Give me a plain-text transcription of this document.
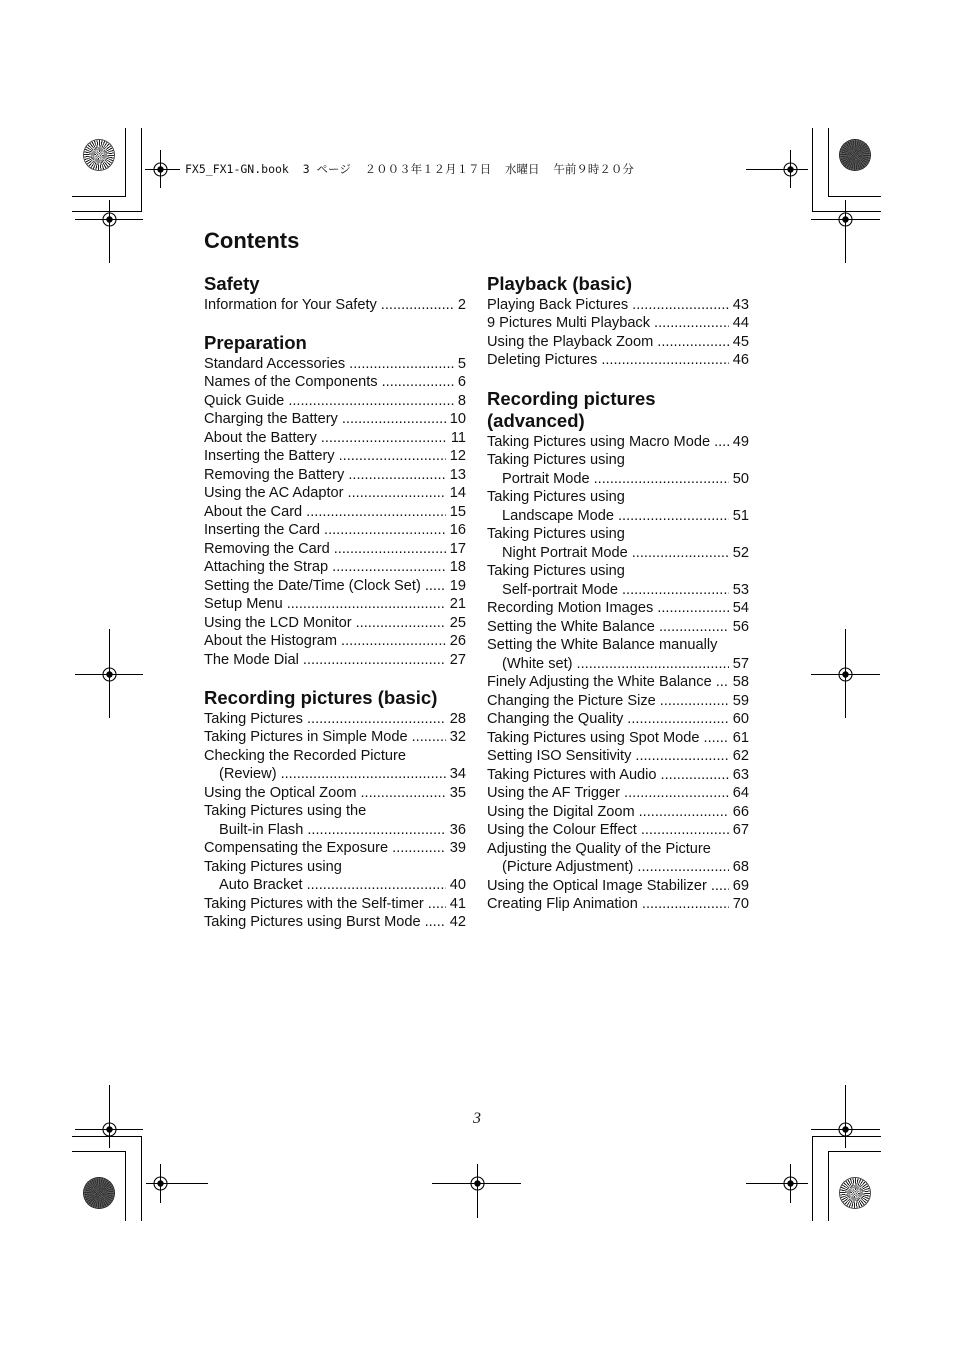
FX5_FX1-GN.book  3 ページ  ２００３年１２月１７日  水曜日  午前９時２０分
Contents
Safety
Information for Your Safety .....	2
Preparation
Standard Accessories .....	5
Names of the Components .....	6
Quick Guide .....	8
Charging the Battery .....	10
About the Battery .....	11
Inserting the Battery .....	12
Removing the Battery .....	13
Using the AC Adaptor .....	14
About the Card .....	15
Inserting the Card .....	16
Removing the Card .....	17
Attaching the Strap .....	18
Setting the Date/Time (Clock Set) ..... 19
Setup Menu .....	21
Using the LCD Monitor .....	25
About the Histogram .....	26
The Mode Dial .....	27
Recording pictures (basic)
Taking Pictures .....	28
Taking Pictures in Simple Mode .....	32
Checking the Recorded Picture
(Review) .....	34
Using the Optical Zoom .....	35
Taking Pictures using the
Built-in Flash .....	36
Compensating the Exposure .....	39
Taking Pictures using
Auto Bracket .....	40
Taking Pictures with the Self-timer ..... 41
Taking Pictures using Burst Mode ..... 42
Playback (basic)
Playing Back Pictures .....	43
9 Pictures Multi Playback .....	44
Using the Playback Zoom .....	45
Deleting Pictures .....	46
Recording pictures (advanced)
Taking Pictures using Macro Mode ..... 49
Taking Pictures using
Portrait Mode .....	50
Taking Pictures using
Landscape Mode .....	51
Taking Pictures using
Night Portrait Mode .....	52
Taking Pictures using
Self-portrait Mode .....	53
Recording Motion Images .....	54
Setting the White Balance .....	56
Setting the White Balance manually
(White set) .....	57
Finely Adjusting the White Balance ..... 58
Changing the Picture Size .....	59
Changing the Quality .....	60
Taking Pictures using Spot Mode ..... 61
Setting ISO Sensitivity .....	62
Taking Pictures with Audio .....	63
Using the AF Trigger .....	64
Using the Digital Zoom .....	66
Using the Colour Effect .....	67
Adjusting the Quality of the Picture
(Picture Adjustment) .....	68
Using the Optical Image Stabilizer ..... 69
Creating Flip Animation .....	70
3
